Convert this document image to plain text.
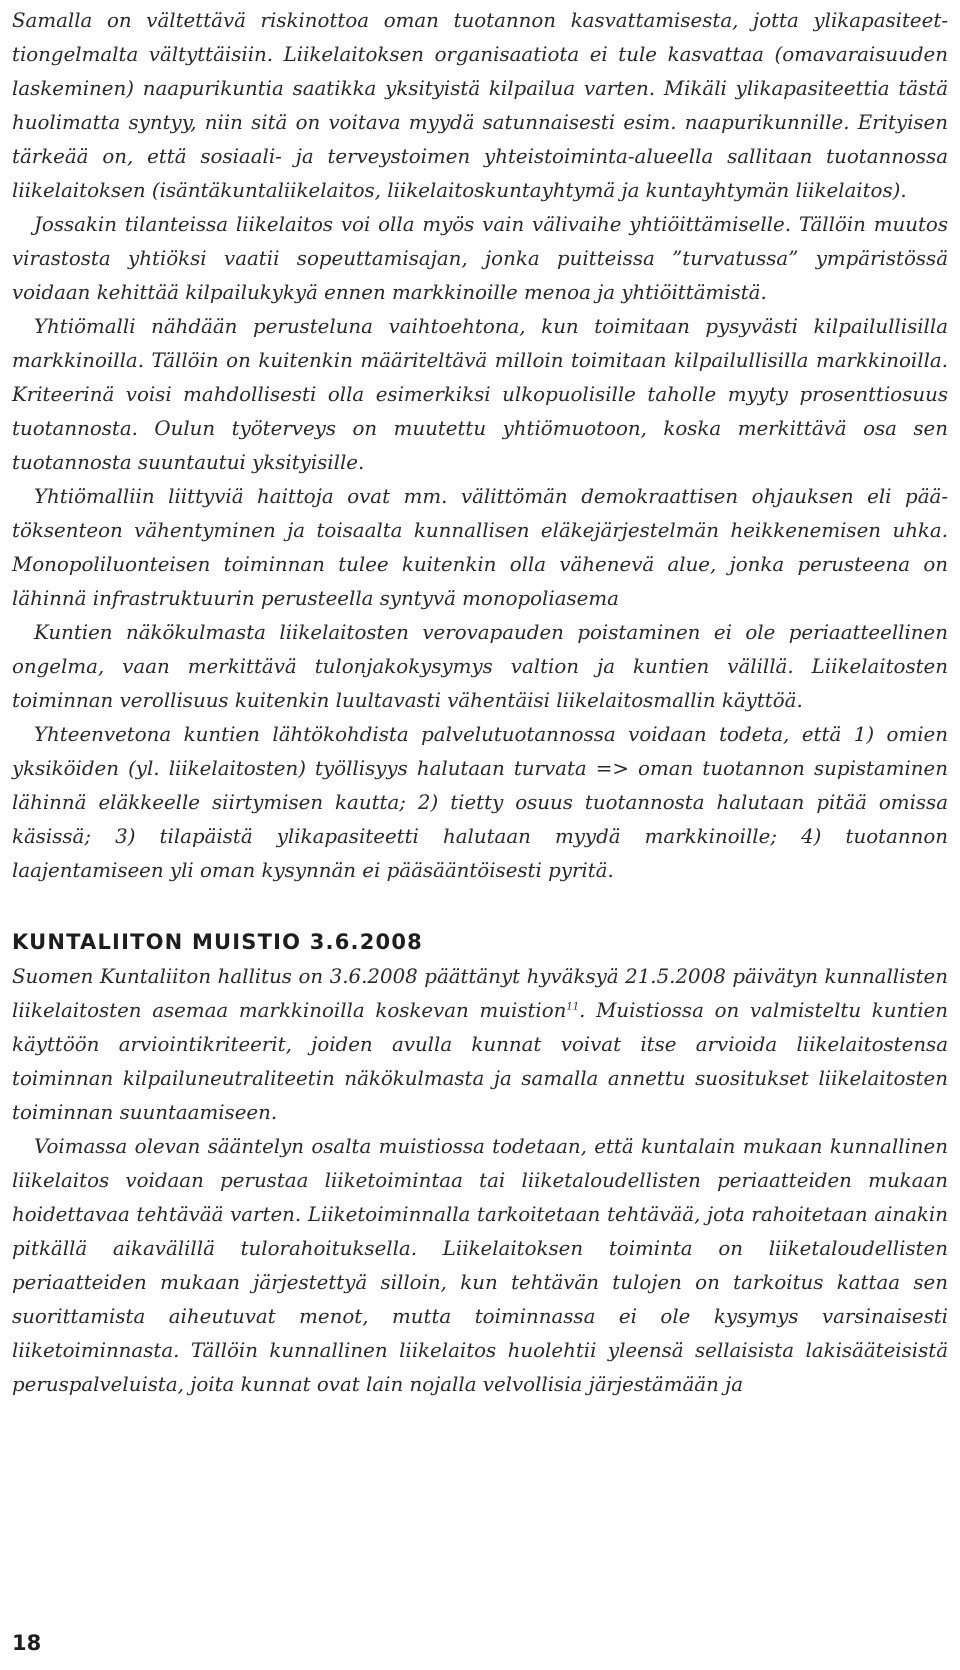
Samalla on vältettävä riskinottoa oman tuotannon kasvattamisesta, jotta ylikapasiteettiongelmalta vältyttäisiin. Liikelaitoksen organisaatiota ei tule kasvattaa (omavaraisuuden laskeminen) naapurikuntia saatikka yksityistä kilpailua varten. Mikäli ylikapasiteettia tästä huolimatta syntyy, niin sitä on voitava myydä satunnaisesti esim. naapurikunnille. Erityisen tärkeää on, että sosiaali- ja terveystoimen yhteistoiminta-alueella sallitaan tuotannossa liikelaitoksen (isäntäkuntaliikelaitos, liikelaitoskuntayhtymä ja kuntayhtymän liikelaitos).

Jossakin tilanteissa liikelaitos voi olla myös vain välivaihe yhtiöittämiselle. Tällöin muutos virastosta yhtiöksi vaatii sopeuttamisajan, jonka puitteissa ”turvatussa” ympäristössä voidaan kehittää kilpailukykyä ennen markkinoille menoa ja yhtiöittämistä.

Yhtiömalli nähdään perusteluna vaihtoehtona, kun toimitaan pysyvästi kilpailullisilla markkinoilla. Tällöin on kuitenkin määriteltävä milloin toimitaan kilpailullisilla markkinoilla. Kriteerinä voisi mahdollisesti olla esimerkiksi ulkopuolisille taholle myyty prosenttiosuus tuotannosta. Oulun työterveys on muutettu yhtiömuotoon, koska merkittävä osa sen tuotannosta suuntautui yksityisille.

Yhtiömalliin liittyviä haittoja ovat mm. välittömän demokraattisen ohjauksen eli päätöksenteon vähentyminen ja toisaalta kunnallisen eläkejärjestelmän heikkenemisen uhka. Monopoliluonteisen toiminnan tulee kuitenkin olla vähenevä alue, jonka perusteena on lähinnä infrastruktuurin perusteella syntyvä monopoliasema

Kuntien näkökulmasta liikelaitosten verovapauden poistaminen ei ole periaatteellinen ongelma, vaan merkittävä tulonjakokysymys valtion ja kuntien välillä. Liikelaitosten toiminnan verollisuus kuitenkin luultavasti vähentäisi liikelaitosmallin käyttöä.

Yhteenvetona kuntien lähtökohdista palvelutuotannossa voidaan todeta, että 1) omien yksiköiden (yl. liikelaitosten) työllisyys halutaan turvata => oman tuotannon supistaminen lähinnä eläkkeelle siirtymisen kautta; 2) tietty osuus tuotannosta halutaan pitää omissa käsissä; 3) tilapäistä ylikapasiteetti halutaan myydä markkinoille; 4) tuotannon laajentamiseen yli oman kysynnän ei pääsääntöisesti pyritä.

KUNTALIITON MUISTIO 3.6.2008

Suomen Kuntaliiton hallitus on 3.6.2008 päättänyt hyväksyä 21.5.2008 päivätyn kunnallisten liikelaitosten asemaa markkinoilla koskevan muistion$^{11}$. Muistiossa on valmisteltu kuntien käyttöön arviointikriteerit, joiden avulla kunnat voivat itse arvioida liikelaitostensa toiminnan kilpailuneutraliteetin näkökulmasta ja samalla annettu suositukset liikelaitosten toiminnan suuntaamiseen.

Voimassa olevan sääntelyn osalta muistiossa todetaan, että kuntalain mukaan kunnallinen liikelaitos voidaan perustaa liiketoimintaa tai liiketaloudellisten periaatteiden mukaan hoidettavaa tehtävää varten. Liiketoiminnalla tarkoitetaan tehtävää, jota rahoitetaan ainakin pitkällä aikavälillä tulorahoituksella. Liikelaitoksen toiminta on liiketaloudellisten periaatteiden mukaan järjestettyä silloin, kun tehtävän tulojen on tarkoitus kattaa sen suorittamista aiheutuvat menot, mutta toiminnassa ei ole kysymys varsinaisesti liiketoiminnasta. Tällöin kunnallinen liikelaitos huolehtii yleensä sellaisista lakisääteisistä peruspalveluista, joita kunnat ovat lain nojalla velvollisia järjestämään ja

18
